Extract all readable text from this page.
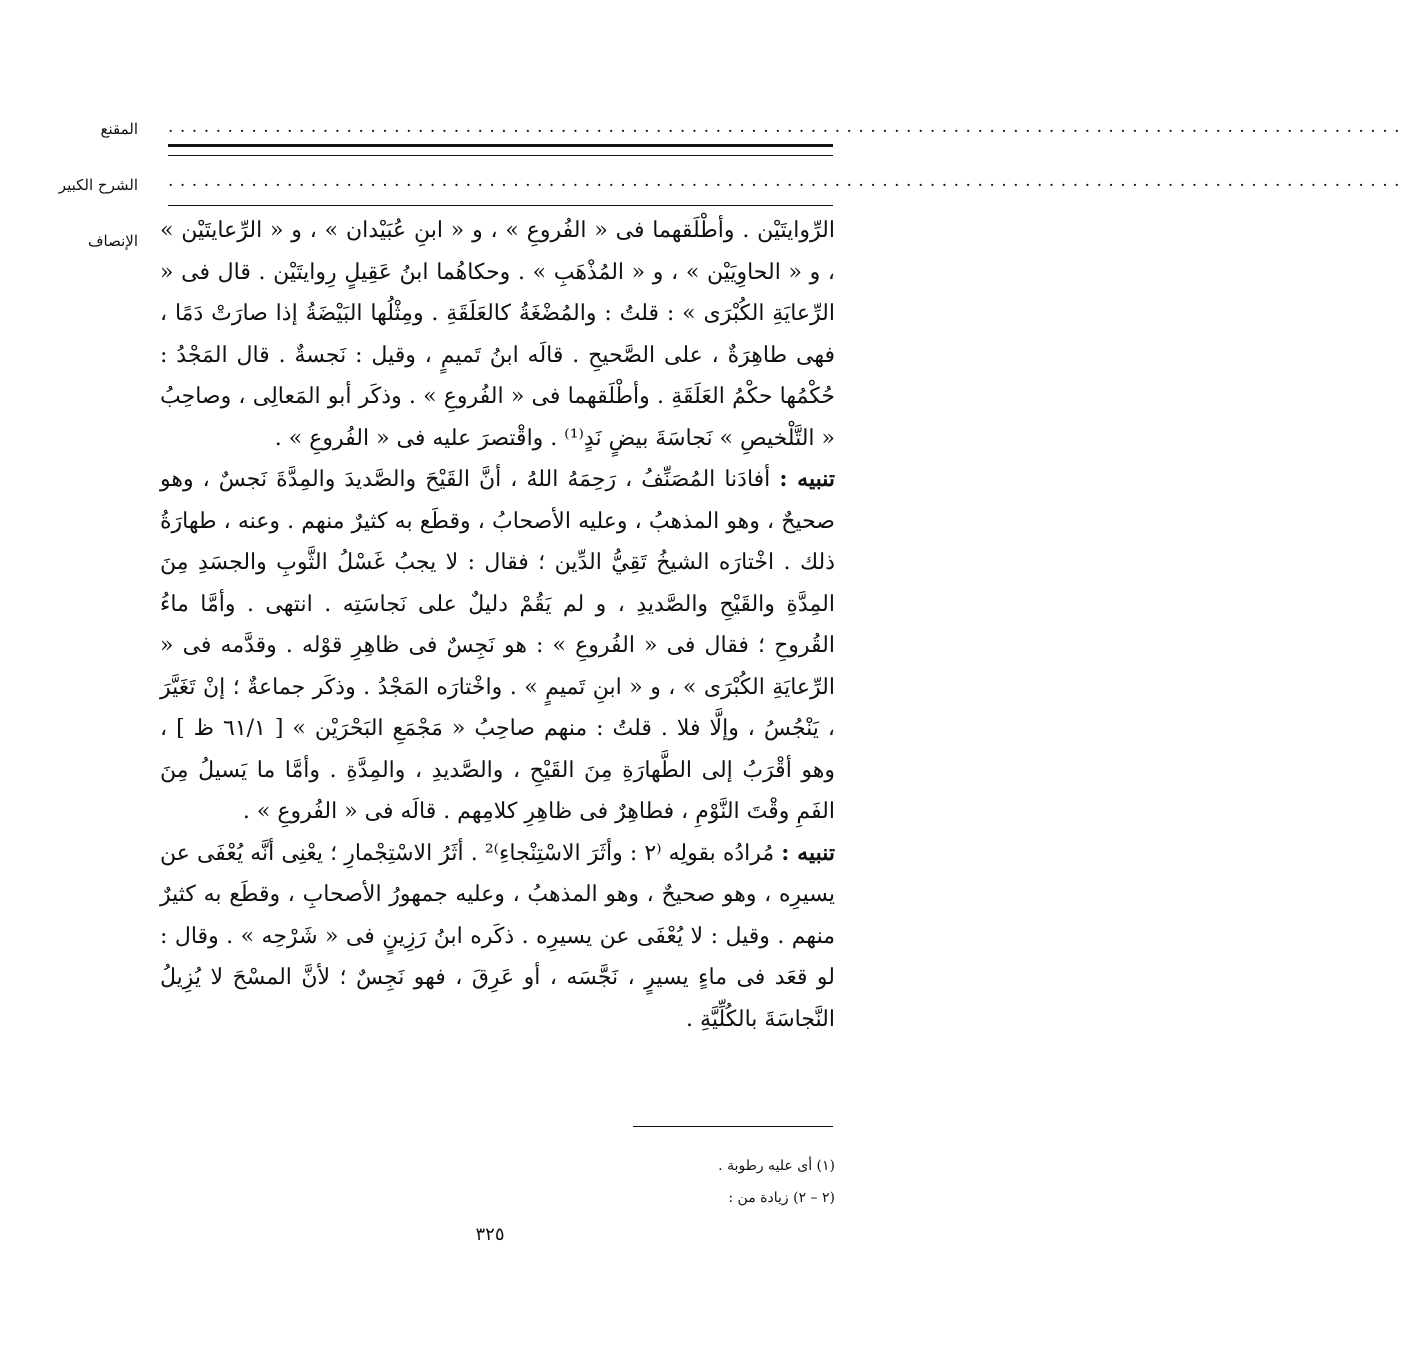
المقنع
الشرح الكبير
الإنصاف
........................................................................................................
........................................................................................................

الرِّوايتَيْن . وأطْلَقهما فى « الفُروعِ » ، و « ابنِ عُبَيْدان » ، و « الرِّعايتَيْن » ، و « الحاوِيَيْن » ، و « المُذْهَبِ » . وحكاهُما ابنُ عَقِيلٍ رِوايتَيْن . قال فى « الرِّعايَةِ الكُبْرَى » : قلتُ : والمُضْغَةُ كالعَلَقَةِ . ومِثْلُها البَيْضَةُ إذا صارَتْ دَمًا ، فهى طاهِرَةٌ ، على الصَّحيحِ . قالَه ابنُ تَميمٍ ، وقيل : نَجسةٌ . قال المَجْدُ : حُكْمُها حكْمُ العَلَقَةِ . وأطْلَقهما فى « الفُروعِ » . وذكَر أبو المَعالِى ، وصاحِبُ « التَّلْخيصِ » نَجاسَةَ بيضٍ نَدٍ⁽¹⁾ . واقْتصرَ عليه فى « الفُروعِ » .

تنبيه : أفادَنا المُصَنِّفُ ، رَحِمَهُ اللهُ ، أنَّ القَيْحَ والصَّديدَ والمِدَّةَ نَجسٌ ، وهو صحيحٌ ، وهو المذهبُ ، وعليه الأصحابُ ، وقطَع به كثيرٌ منهم . وعنه ، طهارَةُ ذلك . اخْتارَه الشيخُ تَقِيُّ الدِّين ؛ فقال : لا يجبُ غَسْلُ الثَّوبِ والجسَدِ مِنَ المِدَّةِ والقَيْحِ والصَّديدِ ، و لم يَقُمْ دليلٌ على نَجاسَتِه . انتهى . وأمَّا ماءُ القُروحِ ؛ فقال فى « الفُروعِ » : هو نَجِسٌ فى ظاهِرِ قوْله . وقدَّمه فى « الرِّعايَةِ الكُبْرَى » ، و « ابنِ تَميمٍ » . واخْتارَه المَجْدُ . وذكَر جماعةٌ ؛ إنْ تَغَيَّرَ ، يَنْجُسُ ، وإلَّا فلا . قلتُ : منهم صاحِبُ « مَجْمَعِ البَحْرَيْن » [ ٦١/١ ظ ] ، وهو أقْرَبُ إلى الطَّهارَةِ مِنَ القَيْحِ ، والصَّديدِ ، والمِدَّةِ . وأمَّا ما يَسيلُ مِنَ الفَمِ وقْتَ النَّوْمِ ، فطاهِرٌ فى ظاهِرِ كلامِهم . قالَه فى « الفُروعِ » .

تنبيه : مُرادُه بقولِه ⁽٢ : وأثَرَ الاسْتِنْجاءِ⁾² . أثَرُ الاسْتِجْمارِ ؛ يعْنِى أنَّه يُعْفَى عن يسيرِه ، وهو صحيحٌ ، وهو المذهبُ ، وعليه جمهورُ الأصحابِ ، وقطَع به كثيرٌ منهم . وقيل : لا يُعْفَى عن يسيرِه . ذكَره ابنُ رَزِينٍ فى « شَرْحِه » . وقال : لو قعَد فى ماءٍ يسيرٍ ، نَجَّسَه ، أو عَرِقَ ، فهو نَجِسٌ ؛ لأنَّ المسْحَ لا يُزِيلُ النَّجاسَةَ بالكُلِّيَّةِ .

(١) أى عليه رطوبة .
(٢ – ٢) زيادة من :
٣٢٥
